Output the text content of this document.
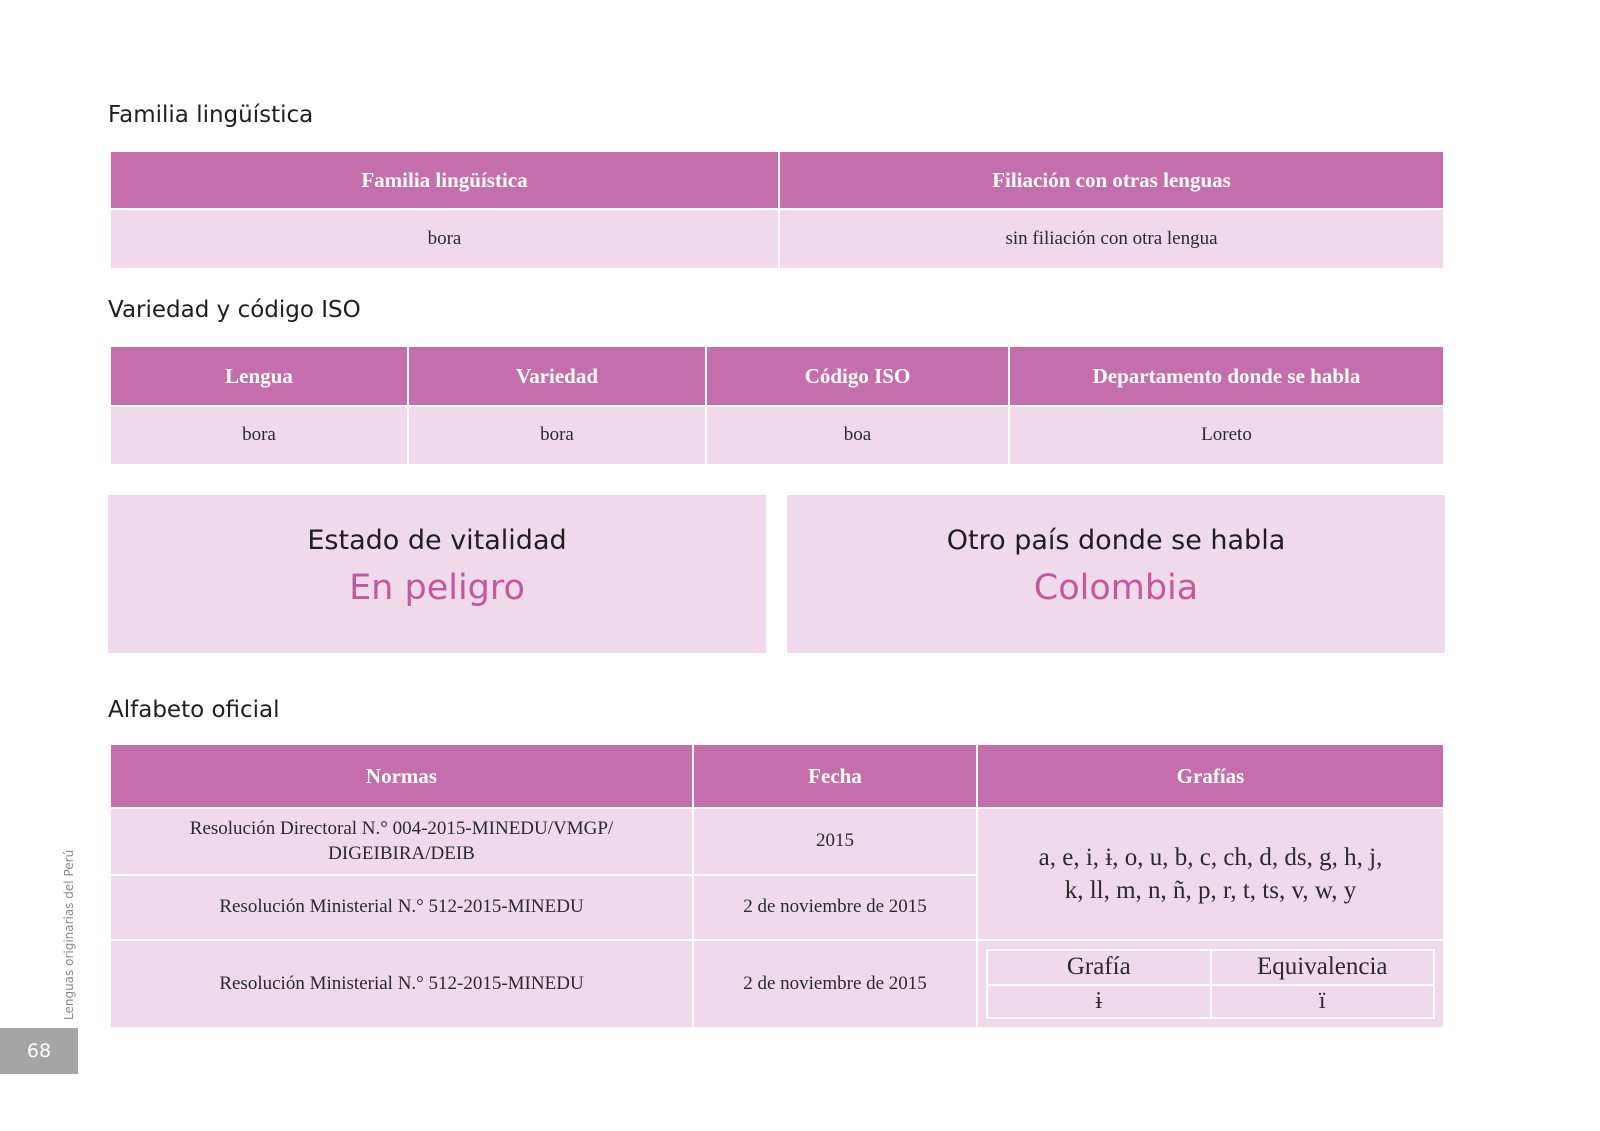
Familia lingüística
Familia lingüística	Filiación con otras lenguas
bora	sin filiación con otra lengua
Variedad y código ISO
Lengua	Variedad	Código ISO	Departamento donde se habla
bora	bora	boa	Loreto
Estado de vitalidad
En peligro
Otro país donde se habla
Colombia
Alfabeto oficial
Normas	Fecha	Grafías
Resolución Directoral N.° 004-2015-MINEDU/VMGP/ DIGEIBIRA/DEIB	2015	
a, e, i, ɨ, o, u, b, c, ch, d, ds, g, h, j,
k, ll, m, n, ñ, p, r, t, ts, v, w, y

Resolución Ministerial N.° 512-2015-MINEDU	2 de noviembre de 2015
Resolución Ministerial N.° 512-2015-MINEDU	2 de noviembre de 2015	
Grafía	Equivalencia
ɨ	ï
Lenguas originarias del Perú
68
